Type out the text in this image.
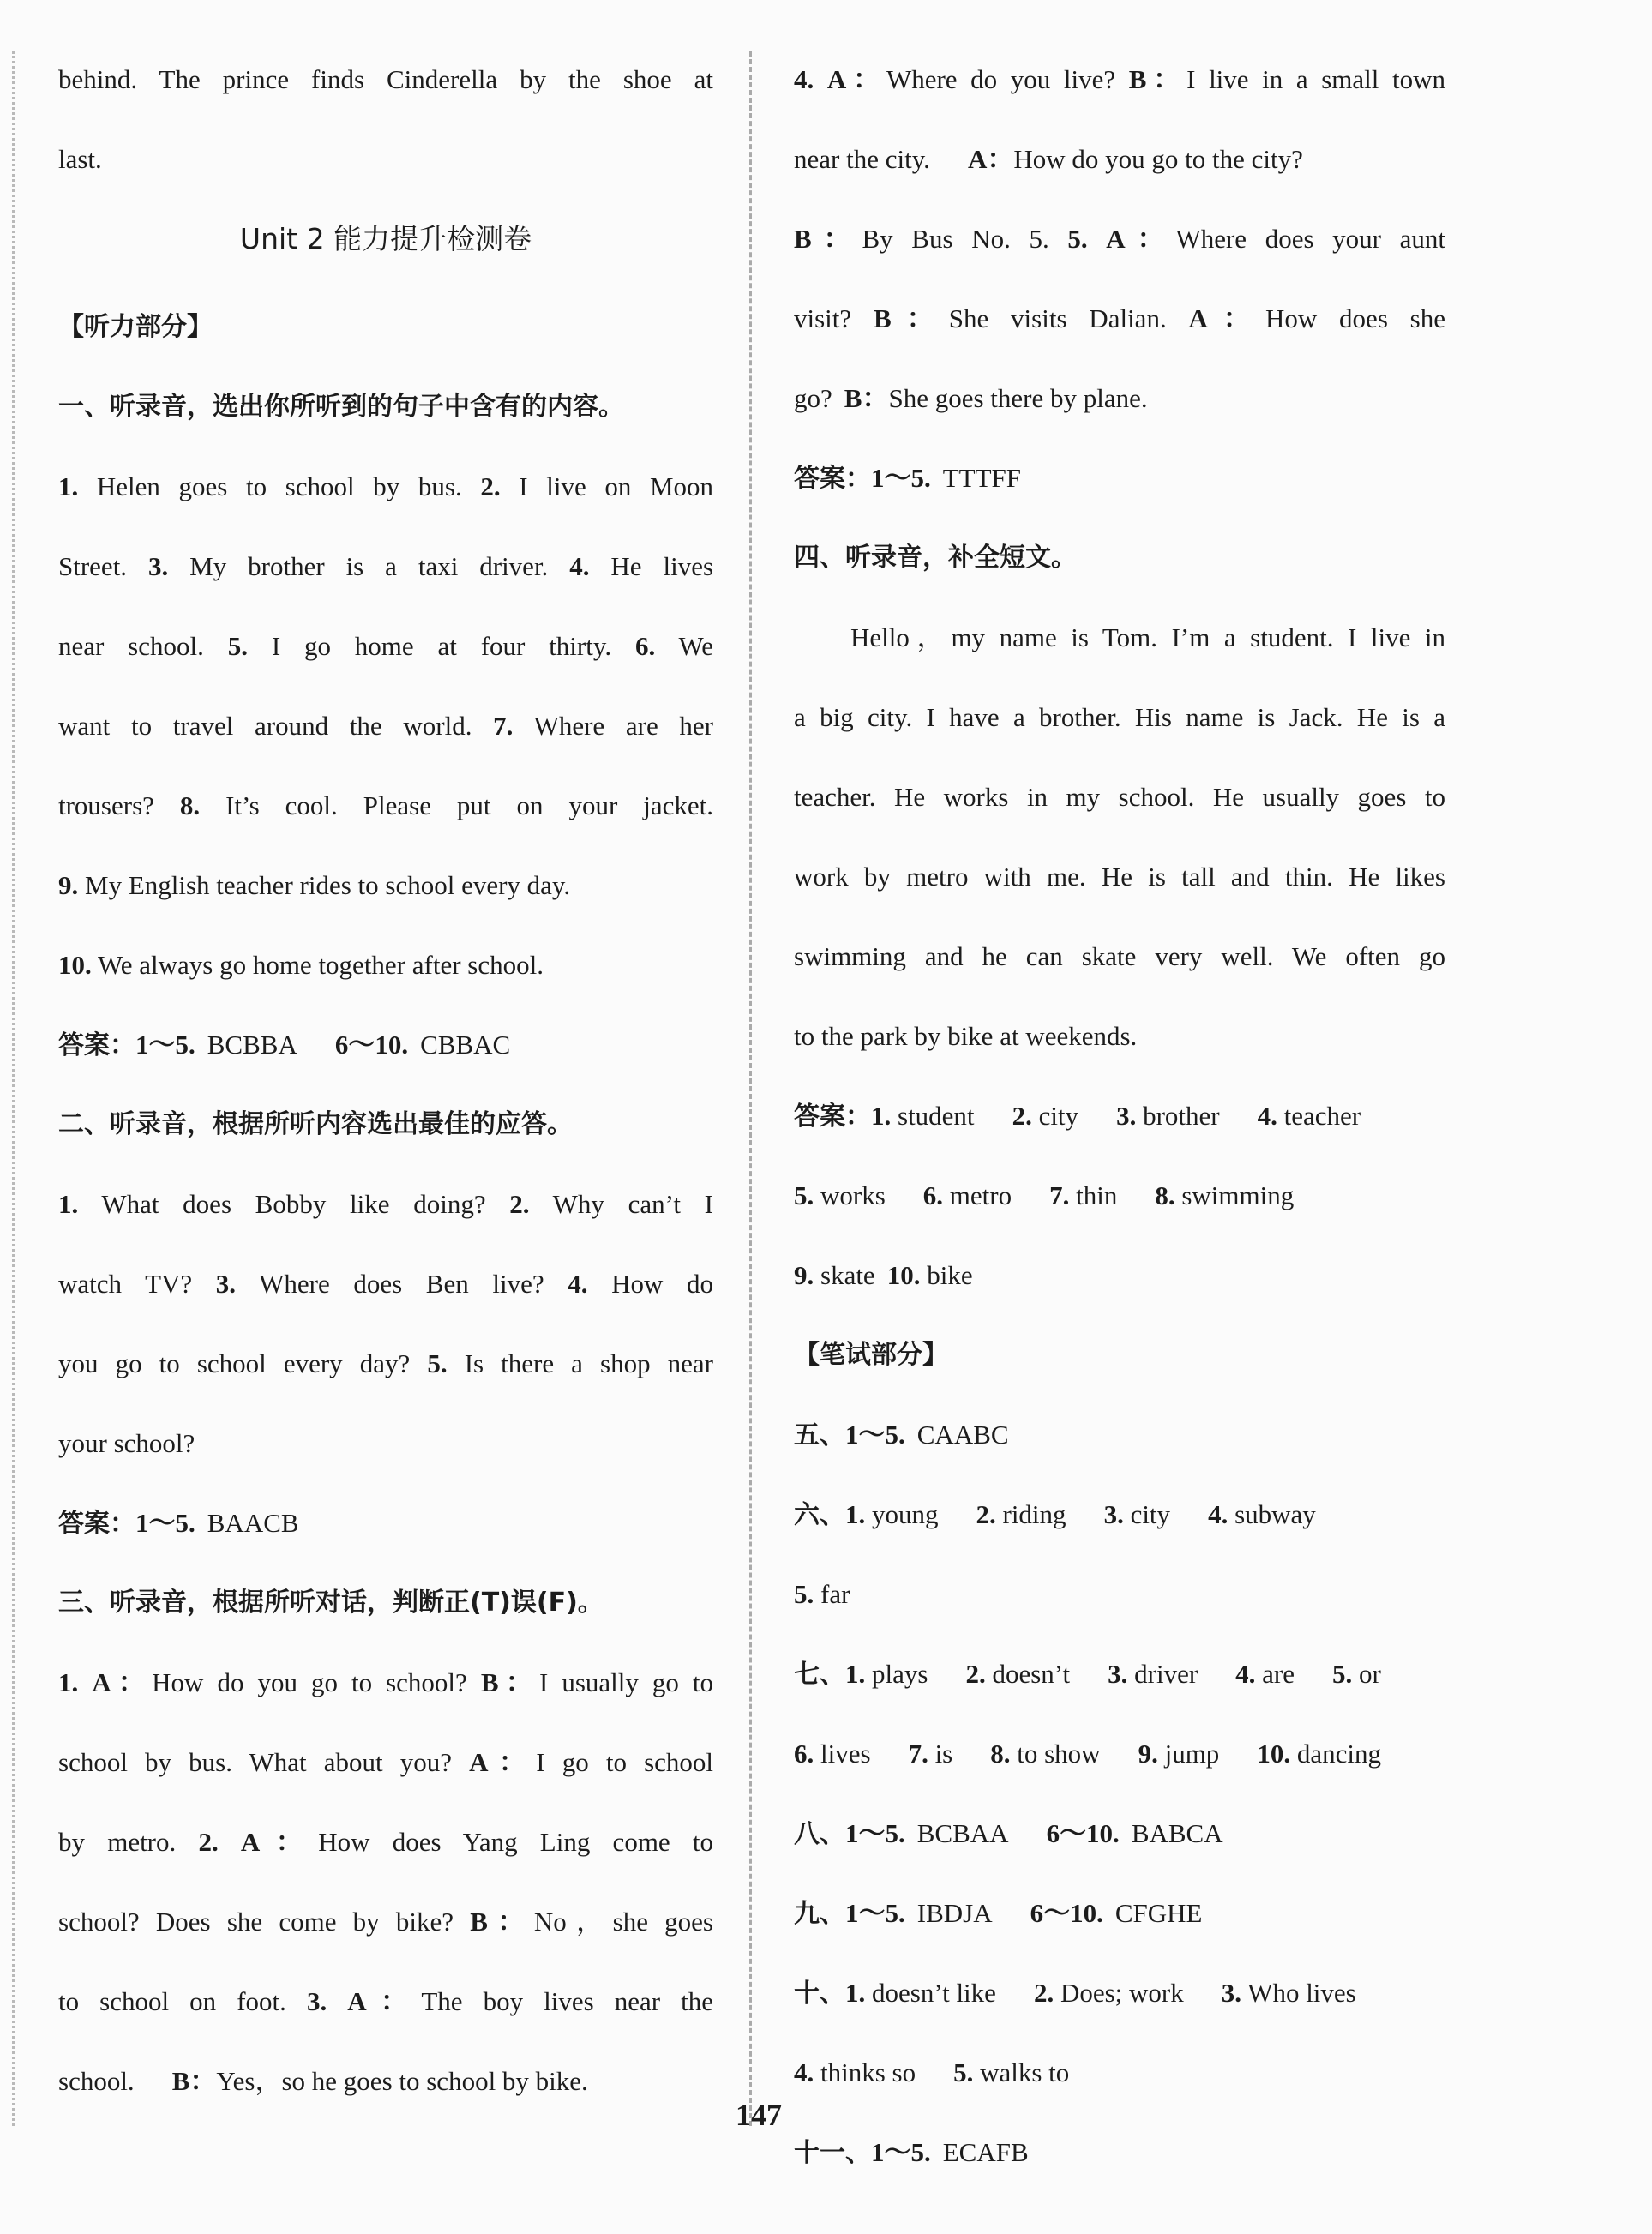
behind. The prince finds Cinderella by the shoe at
last.
Unit 2 能力提升检测卷
【听力部分】
一、听录音，选出你所听到的句子中含有的内容。
1. Helen goes to school by bus. 2. I live on Moon
Street. 3. My brother is a taxi driver. 4. He lives
near school. 5. I go home at four thirty. 6. We
want to travel around the world. 7. Where are her
trousers? 8. It’s cool. Please put on your jacket.
9. My English teacher rides to school every day.
10. We always go home together after school.
答案：1～5. BCBBA 6～10. CBBAC
二、听录音，根据所听内容选出最佳的应答。
1. What does Bobby like doing? 2. Why can’t I
watch TV? 3. Where does Ben live? 4. How do
you go to school every day? 5. Is there a shop near
your school?
答案：1～5. BAACB
三、听录音，根据所听对话，判断正(T)误(F)。
1. A：How do you go to school? B：I usually go to
school by bus. What about you? A：I go to school
by metro. 2. A：How does Yang Ling come to
school? Does she come by bike? B：No，she goes
to school on foot. 3. A：The boy lives near the
school. B：Yes，so he goes to school by bike.
4. A：Where do you live? B：I live in a small town
near the city. A：How do you go to the city?
B：By Bus No. 5. 5. A：Where does your aunt
visit? B：She visits Dalian. A：How does she
go? B：She goes there by plane.
答案：1～5. TTTFF
四、听录音，补全短文。
Hello，my name is Tom. I’m a student. I live in
a big city. I have a brother. His name is Jack. He is a
teacher. He works in my school. He usually goes to
work by metro with me. He is tall and thin. He likes
swimming and he can skate very well. We often go
to the park by bike at weekends.
答案：1. student 2. city 3. brother 4. teacher
5. works 6. metro 7. thin 8. swimming
9. skate 10. bike
【笔试部分】
五、1～5. CAABC
六、1. young 2. riding 3. city 4. subway
5. far
七、1. plays 2. doesn’t 3. driver 4. are 5. or
6. lives 7. is 8. to show 9. jump 10. dancing
八、1～5. BCBAA 6～10. BABCA
九、1～5. IBDJA 6～10. CFGHE
十、1. doesn’t like 2. Does; work 3. Who lives
4. thinks so 5. walks to
十一、1～5. ECAFB
147
